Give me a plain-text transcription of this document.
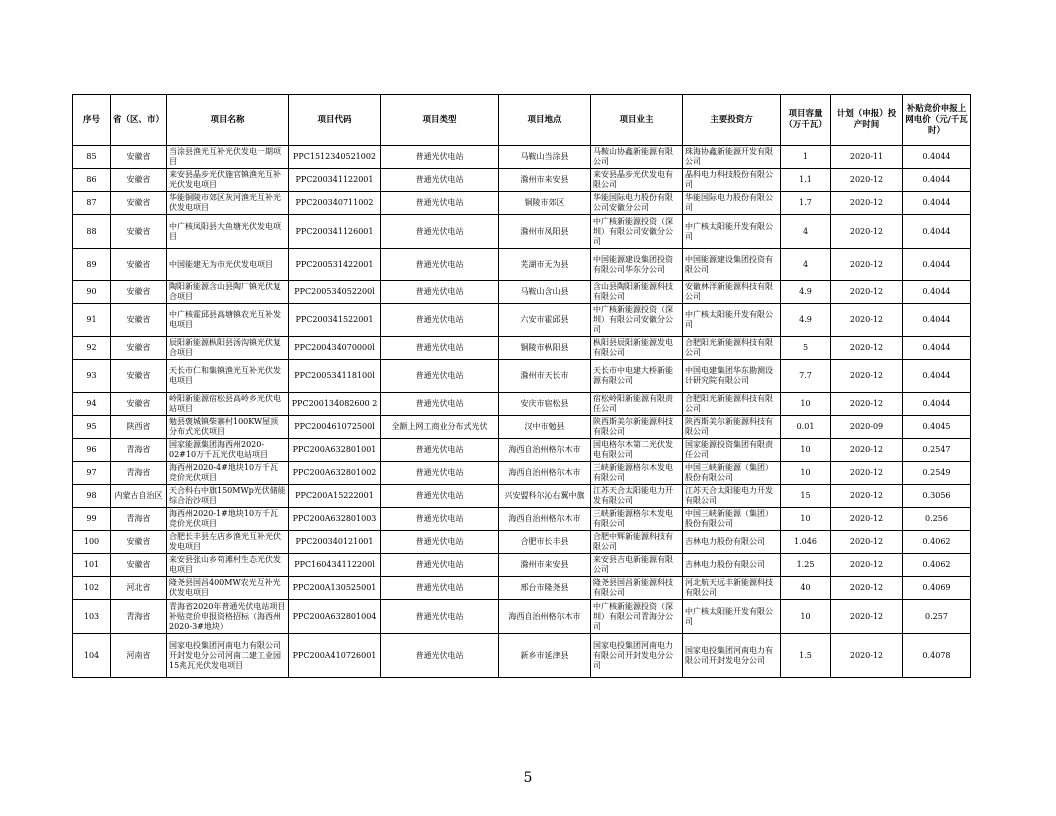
序号	省（区、市）	项目名称	项目代码	项目类型	项目地点	项目业主	主要投资方	项目容量（万千瓦）	计划（申报）投产时间	补贴竞价申报上网电价（元/千瓦时）
85	安徽省	当涂县渔光互补光伏发电一期项目	PPC1512340521002	普通光伏电站	马鞍山当涂县	马鞍山协鑫新能源有限公司	珠海协鑫新能源开发有限公司	1	2020-11	0.4044
86	安徽省	来安县晶步光伏施官镇渔光互补光伏发电项目	PPC200341122001	普通光伏电站	滁州市来安县	来安县晶步光伏发电有限公司	晶科电力科技股份有限公司	1.1	2020-12	0.4044
87	安徽省	华能铜陵市郊区灰河渔光互补光伏发电项目	PPC200340711002	普通光伏电站	铜陵市郊区	华能国际电力股份有限公司安徽分公司	华能国际电力股份有限公司	1.7	2020-12	0.4044
88	安徽省	中广核凤阳县大鱼塘光伏发电项目	PPC200341126001	普通光伏电站	滁州市凤阳县	中广核新能源投资（深圳）有限公司安徽分公司	中广核太阳能开发有限公司	4	2020-12	0.4044
89	安徽省	中国能建无为市光伏发电项目	PPC200531422001	普通光伏电站	芜湖市无为县	中国能源建设集团投资有限公司华东分公司	中国能源建设集团投资有限公司	4	2020-12	0.4044
90	安徽省	陶阳新能源含山县陶厂镇光伏复合项目	PPC200534052200l	普通光伏电站	马鞍山含山县	含山县陶阳新能源科技有限公司	安徽林洋新能源科技有限公司	4.9	2020-12	0.4044
91	安徽省	中广核霍邱县高塘镇农光互补发电项目	PPC200341522001	普通光伏电站	六安市霍邱县	中广核新能源投资（深圳）有限公司安徽分公司	中广核太阳能开发有限公司	4.9	2020-12	0.4044
92	安徽省	辰阳新能源枞阳县汤沟镇光伏复合项目	PPC200434070000l	普通光伏电站	铜陵市枞阳县	枞阳县辰阳新能源发电有限公司	合肥阳光新能源科技有限公司	5	2020-12	0.4044
93	安徽省	天长市仁和集镇渔光互补光伏发电项目	PPC200534118100l	普通光伏电站	滁州市天长市	天长市中电建大桥新能源有限公司	中国电建集团华东勘测设计研究院有限公司	7.7	2020-12	0.4044
94	安徽省	岭阳新能源宿松县高岭乡光伏电站项目	PPC200134082600 2	普通光伏电站	安庆市宿松县	宿松岭阳新能源有限责任公司	合肥阳光新能源科技有限公司	10	2020-12	0.4044
95	陕西省	勉县褒城镇柴寨村100KW屋顶分布式光伏项目	PPC200461072500l	全额上网工商业分布式光伏	汉中市勉县	陕西斯美尔新能源科技有限公司	陕西斯美尔新能源科技有限公司	0.01	2020-09	0.4045
96	青海省	国家能源集团海西州2020-02#10万千瓦光伏电站项目	PPC200A632801001	普通光伏电站	海西自治州格尔木市	国电格尔木第二光伏发电有限公司	国家能源投资集团有限责任公司	10	2020-12	0.2547
97	青海省	海西州2020-4#地块10万千瓦竞价光伏项目	PPC200A632801002	普通光伏电站	海西自治州格尔木市	三峡新能源格尔木发电有限公司	中国三峡新能源（集团）股份有限公司	10	2020-12	0.2549
98	内蒙古自治区	天合科右中旗150MWp光伏储能综合治沙项目	PPC200A15222001	普通光伏电站	兴安盟科尔沁右翼中旗	江苏天合太阳能电力开发有限公司	江苏天合太阳能电力开发有限公司	15	2020-12	0.3056
99	青海省	海西州2020-1#地块10万千瓦竞价光伏项目	PPC200A632801003	普通光伏电站	海西自治州格尔木市	三峡新能源格尔木发电有限公司	中国三峡新能源（集团）股份有限公司	10	2020-12	0.256
100	安徽省	合肥长丰县左店乡渔光互补光伏发电项目	PPC200340121001	普通光伏电站	合肥市长丰县	合肥中辉新能源科技有限公司	吉林电力股份有限公司	1.046	2020-12	0.4062
101	安徽省	来安县张山乡苟滩村生态光伏发电项目	PPC160434112200l	普通光伏电站	滁州市来安县	来安县吉电新能源有限公司	吉林电力股份有限公司	1.25	2020-12	0.4062
102	河北省	隆尧县国昌400MW农光互补光伏发电项目	PPC200A130525001	普通光伏电站	邢台市隆尧县	隆尧县国昌新能源科技有限公司	河北航天远丰新能源科技有限公司	40	2020-12	0.4069
103	青海省	青海省2020年普通光伏电站项目补贴竞价申报资格招标（海西州2020-3#地块）	PPC200A632801004	普通光伏电站	海西自治州格尔木市	中广核新能源投资（深圳）有限公司青海分公司	中广核太阳能开发有限公司	10	2020-12	0.257
104	河南省	国家电投集团河南电力有限公司开封发电分公司河南二建工业园15兆瓦光伏发电项目	PPC200A410726001	普通光伏电站	新乡市延津县	国家电投集团河南电力有限公司开封发电分公司	国家电投集团河南电力有限公司开封发电分公司	1.5	2020-12	0.4078
5
